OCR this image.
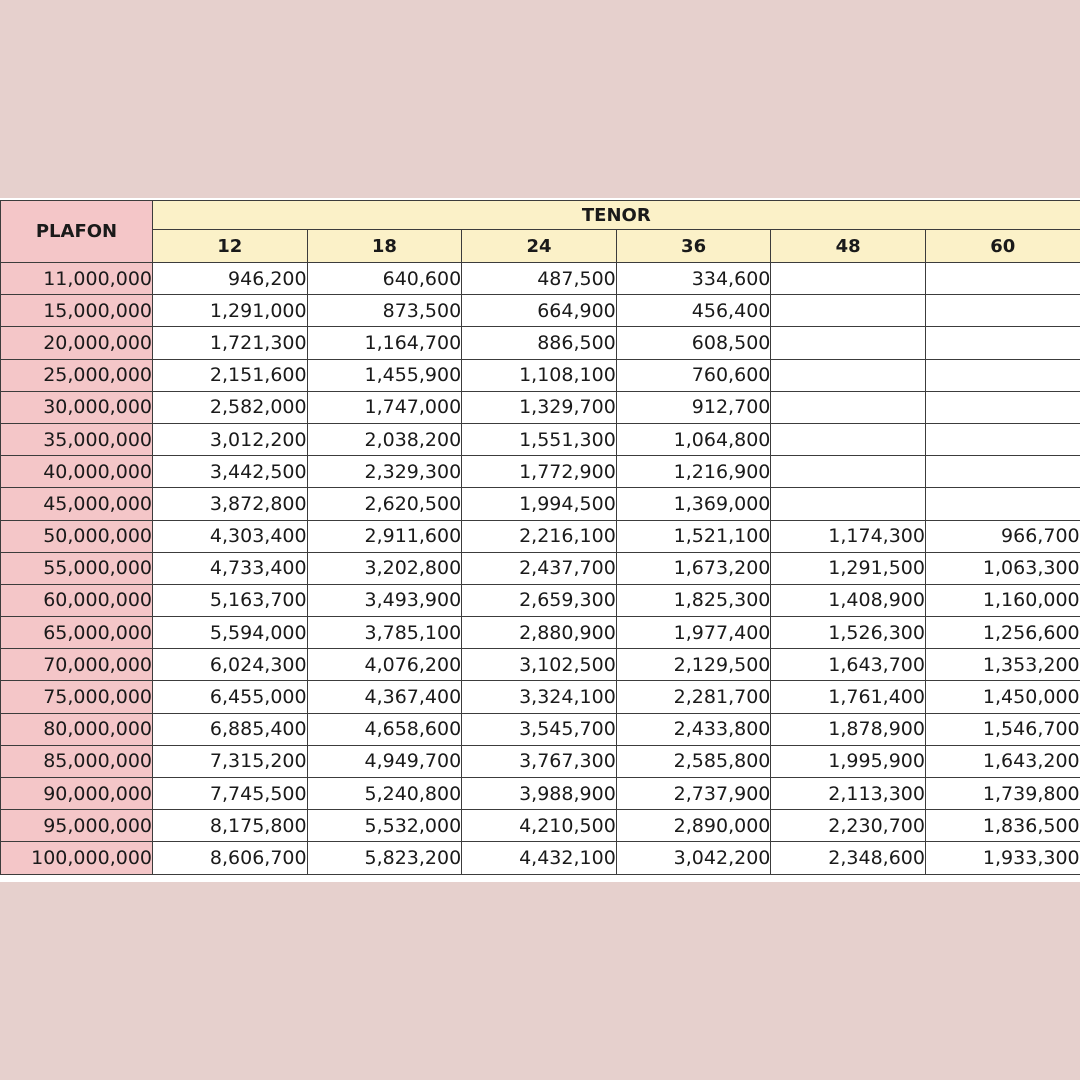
PLAFON	TENOR					
	12	18	24	36	48	60
11,000,000	946,200	640,600	487,500	334,600		
15,000,000	1,291,000	873,500	664,900	456,400		
20,000,000	1,721,300	1,164,700	886,500	608,500		
25,000,000	2,151,600	1,455,900	1,108,100	760,600		
30,000,000	2,582,000	1,747,000	1,329,700	912,700		
35,000,000	3,012,200	2,038,200	1,551,300	1,064,800		
40,000,000	3,442,500	2,329,300	1,772,900	1,216,900		
45,000,000	3,872,800	2,620,500	1,994,500	1,369,000		
50,000,000	4,303,400	2,911,600	2,216,100	1,521,100	1,174,300	966,700
55,000,000	4,733,400	3,202,800	2,437,700	1,673,200	1,291,500	1,063,300
60,000,000	5,163,700	3,493,900	2,659,300	1,825,300	1,408,900	1,160,000
65,000,000	5,594,000	3,785,100	2,880,900	1,977,400	1,526,300	1,256,600
70,000,000	6,024,300	4,076,200	3,102,500	2,129,500	1,643,700	1,353,200
75,000,000	6,455,000	4,367,400	3,324,100	2,281,700	1,761,400	1,450,000
80,000,000	6,885,400	4,658,600	3,545,700	2,433,800	1,878,900	1,546,700
85,000,000	7,315,200	4,949,700	3,767,300	2,585,800	1,995,900	1,643,200
90,000,000	7,745,500	5,240,800	3,988,900	2,737,900	2,113,300	1,739,800
95,000,000	8,175,800	5,532,000	4,210,500	2,890,000	2,230,700	1,836,500
100,000,000	8,606,700	5,823,200	4,432,100	3,042,200	2,348,600	1,933,300
